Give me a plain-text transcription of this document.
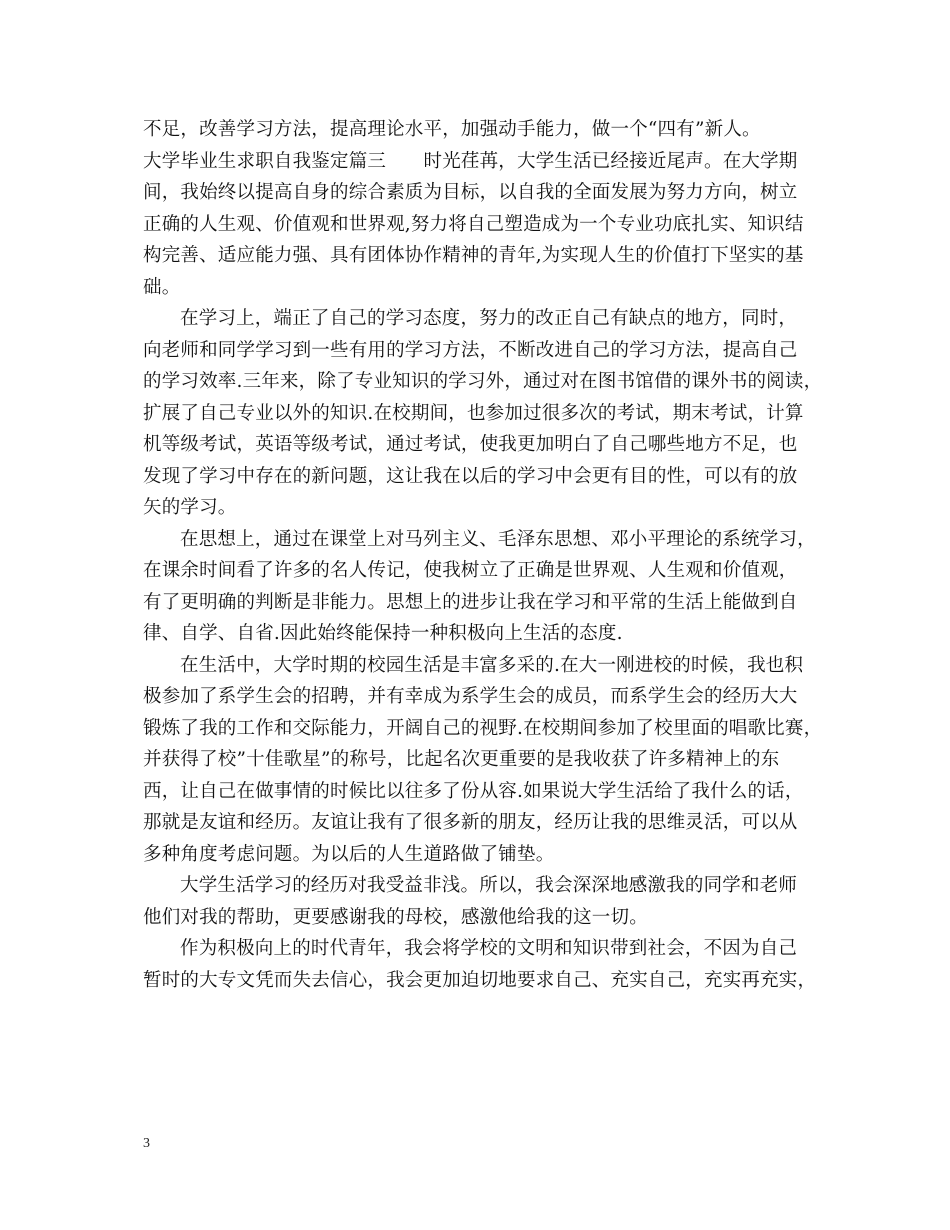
不足，改善学习方法，提高理论水平，加强动手能力，做一个“四有”新人。

大学毕业生求职自我鉴定篇三　　时光荏苒，大学生活已经接近尾声。在大学期

间，我始终以提高自身的综合素质为目标，以自我的全面发展为努力方向，树立

正确的人生观、价值观和世界观,努力将自己塑造成为一个专业功底扎实、知识结

构完善、适应能力强、具有团体协作精神的青年,为实现人生的价值打下坚实的基

础。

在学习上，端正了自己的学习态度，努力的改正自己有缺点的地方，同时，

向老师和同学学习到一些有用的学习方法，不断改进自己的学习方法，提高自己

的学习效率.三年来，除了专业知识的学习外，通过对在图书馆借的课外书的阅读，

扩展了自己专业以外的知识.在校期间，也参加过很多次的考试，期末考试，计算

机等级考试，英语等级考试，通过考试，使我更加明白了自己哪些地方不足，也

发现了学习中存在的新问题，这让我在以后的学习中会更有目的性，可以有的放

矢的学习。

在思想上，通过在课堂上对马列主义、毛泽东思想、邓小平理论的系统学习，

在课余时间看了许多的名人传记，使我树立了正确是世界观、人生观和价值观，

有了更明确的判断是非能力。思想上的进步让我在学习和平常的生活上能做到自

律、自学、自省.因此始终能保持一种积极向上生活的态度.

在生活中，大学时期的校园生活是丰富多采的.在大一刚进校的时候，我也积

极参加了系学生会的招聘，并有幸成为系学生会的成员，而系学生会的经历大大

锻炼了我的工作和交际能力，开阔自己的视野.在校期间参加了校里面的唱歌比赛，

并获得了校”十佳歌星”的称号，比起名次更重要的是我收获了许多精神上的东

西，让自己在做事情的时候比以往多了份从容.如果说大学生活给了我什么的话，

那就是友谊和经历。友谊让我有了很多新的朋友，经历让我的思维灵活，可以从

多种角度考虑问题。为以后的人生道路做了铺垫。

大学生活学习的经历对我受益非浅。所以，我会深深地感激我的同学和老师

他们对我的帮助，更要感谢我的母校，感激他给我的这一切。

作为积极向上的时代青年，我会将学校的文明和知识带到社会，不因为自己

暂时的大专文凭而失去信心，我会更加迫切地要求自己、充实自己，充实再充实，

3
